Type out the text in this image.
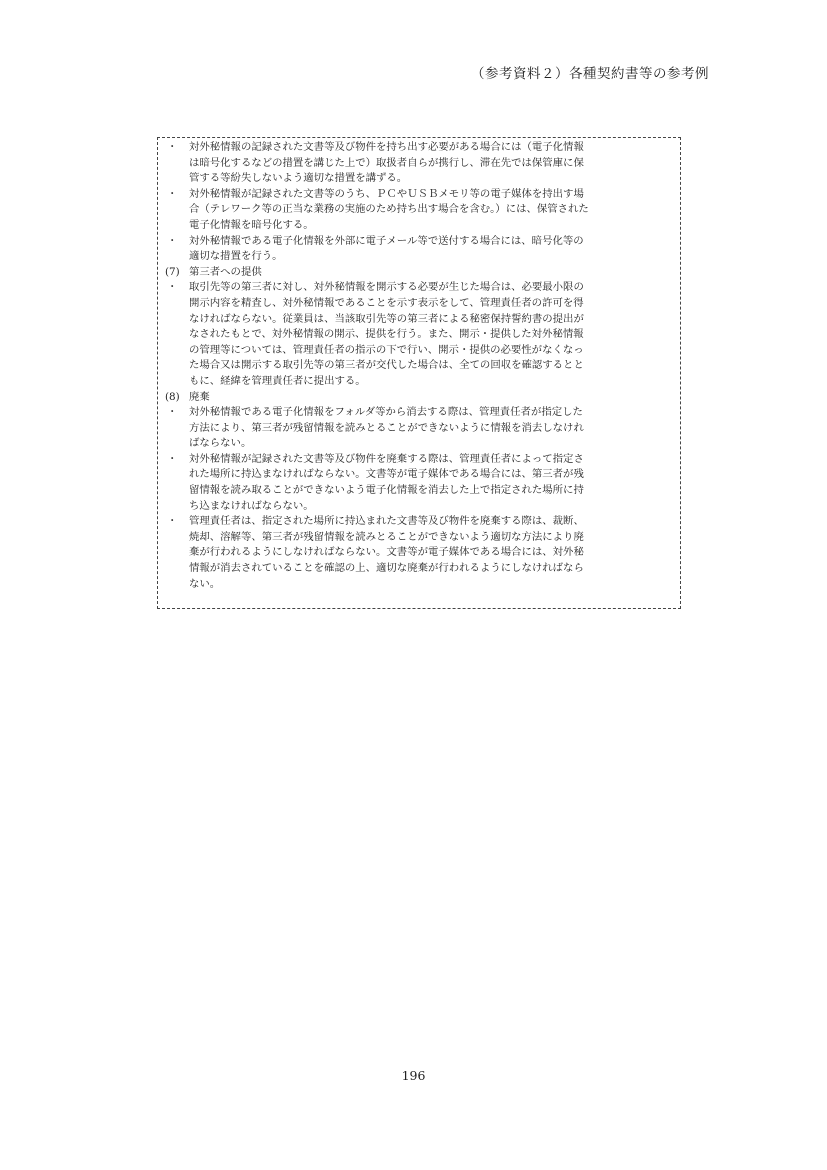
（参考資料２）各種契約書等の参考例
・	対外秘情報の記録された文書等及び物件を持ち出す必要がある場合には（電子化情報
は暗号化するなどの措置を講じた上で）取扱者自らが携行し、滞在先では保管庫に保
管する等紛失しないよう適切な措置を講ずる。
・	対外秘情報が記録された文書等のうち、ＰＣやＵＳＢメモリ等の電子媒体を持出す場
合（テレワーク等の正当な業務の実施のため持ち出す場合を含む。）には、保管された
電子化情報を暗号化する。
・	対外秘情報である電子化情報を外部に電子メール等で送付する場合には、暗号化等の
適切な措置を行う。
(7) 第三者への提供
・	取引先等の第三者に対し、対外秘情報を開示する必要が生じた場合は、必要最小限の
開示内容を精査し、対外秘情報であることを示す表示をして、管理責任者の許可を得
なければならない。従業員は、当該取引先等の第三者による秘密保持誓約書の提出が
なされたもとで、対外秘情報の開示、提供を行う。また、開示・提供した対外秘情報
の管理等については、管理責任者の指示の下で行い、開示・提供の必要性がなくなっ
た場合又は開示する取引先等の第三者が交代した場合は、全ての回収を確認するとと
もに、経緯を管理責任者に提出する。
(8) 廃棄
・	対外秘情報である電子化情報をフォルダ等から消去する際は、管理責任者が指定した
方法により、第三者が残留情報を読みとることができないように情報を消去しなけれ
ばならない。
・	対外秘情報が記録された文書等及び物件を廃棄する際は、管理責任者によって指定さ
れた場所に持込まなければならない。文書等が電子媒体である場合には、第三者が残
留情報を読み取ることができないよう電子化情報を消去した上で指定された場所に持
ち込まなければならない。
・	管理責任者は、指定された場所に持込まれた文書等及び物件を廃棄する際は、裁断、
焼却、溶解等、第三者が残留情報を読みとることができないよう適切な方法により廃
棄が行われるようにしなければならない。文書等が電子媒体である場合には、対外秘
情報が消去されていることを確認の上、適切な廃棄が行われるようにしなければなら
ない。
196
